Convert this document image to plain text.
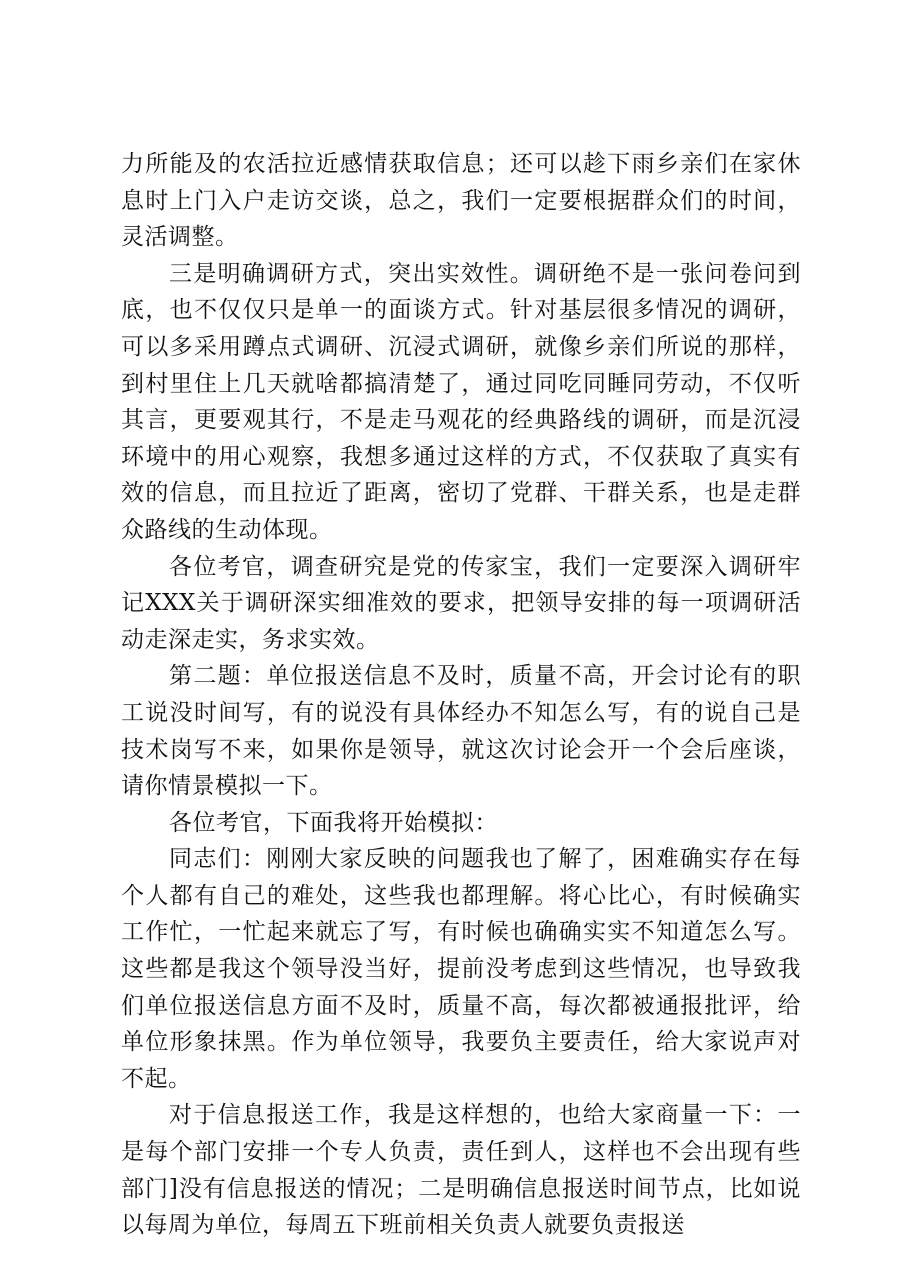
力所能及的农活拉近感情获取信息；还可以趁下雨乡亲们在家休息时上门入户走访交谈，总之，我们一定要根据群众们的时间，灵活调整。

三是明确调研方式，突出实效性。调研绝不是一张问卷问到底，也不仅仅只是单一的面谈方式。针对基层很多情况的调研，可以多采用蹲点式调研、沉浸式调研，就像乡亲们所说的那样，到村里住上几天就啥都搞清楚了，通过同吃同睡同劳动，不仅听其言，更要观其行，不是走马观花的经典路线的调研，而是沉浸环境中的用心观察，我想多通过这样的方式，不仅获取了真实有效的信息，而且拉近了距离，密切了党群、干群关系，也是走群众路线的生动体现。

各位考官，调查研究是党的传家宝，我们一定要深入调研牢记XXX关于调研深实细准效的要求，把领导安排的每一项调研活动走深走实，务求实效。

第二题：单位报送信息不及时，质量不高，开会讨论有的职工说没时间写，有的说没有具体经办不知怎么写，有的说自己是技术岗写不来，如果你是领导，就这次讨论会开一个会后座谈，请你情景模拟一下。

各位考官，下面我将开始模拟：

同志们：刚刚大家反映的问题我也了解了，困难确实存在每个人都有自己的难处，这些我也都理解。将心比心，有时候确实工作忙，一忙起来就忘了写，有时候也确确实实不知道怎么写。这些都是我这个领导没当好，提前没考虑到这些情况，也导致我们单位报送信息方面不及时，质量不高，每次都被通报批评，给单位形象抹黑。作为单位领导，我要负主要责任，给大家说声对不起。

对于信息报送工作，我是这样想的，也给大家商量一下：一是每个部门安排一个专人负责，责任到人，这样也不会出现有些部门]没有信息报送的情况；二是明确信息报送时间节点，比如说以每周为单位，每周五下班前相关负责人就要负责报送
